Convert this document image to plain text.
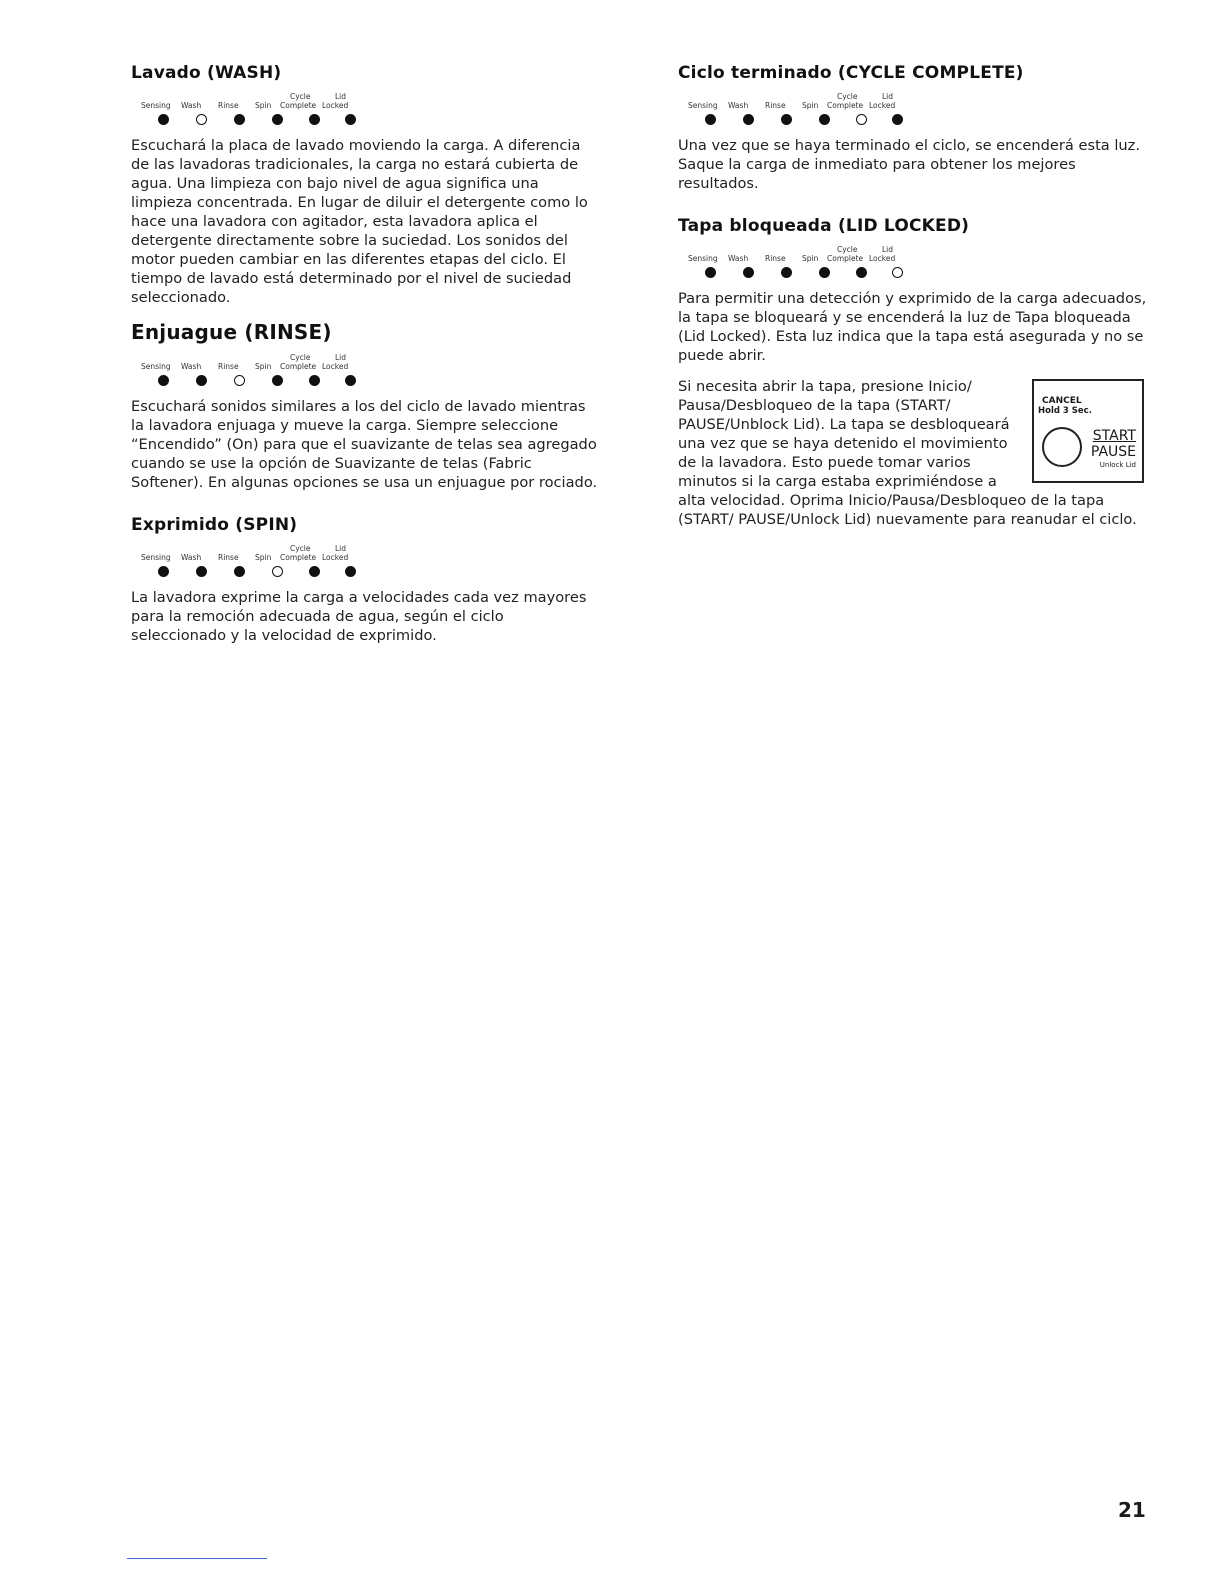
Lavado (WASH)
Cycle	Lid
Sensing Wash Rinse Spin Complete Locked

Escuchará la placa de lavado moviendo la carga. A diferencia de las lavadoras tradicionales, la carga no estará cubierta de agua. Una limpieza con bajo nivel de agua significa una limpieza concentrada. En lugar de diluir el detergente como lo hace una lavadora con agitador, esta lavadora aplica el detergente directamente sobre la suciedad. Los sonidos del motor pueden cambiar en las diferentes etapas del ciclo. El tiempo de lavado está determinado por el nivel de suciedad seleccionado.

Enjuague (RINSE)
Cycle	Lid
Sensing Wash Rinse Spin Complete Locked

Escuchará sonidos similares a los del ciclo de lavado mientras la lavadora enjuaga y mueve la carga. Siempre seleccione “Encendido” (On) para que el suavizante de telas sea agregado cuando se use la opción de Suavizante de telas (Fabric Softener). En algunas opciones se usa un enjuague por rociado.

Exprimido (SPIN)
Cycle	Lid
Sensing Wash Rinse Spin Complete Locked

La lavadora exprime la carga a velocidades cada vez mayores para la remoción adecuada de agua, según el ciclo seleccionado y la velocidad de exprimido.

Ciclo terminado (CYCLE COMPLETE)
Cycle	Lid
Sensing Wash Rinse Spin Complete Locked

Una vez que se haya terminado el ciclo, se encenderá esta luz. Saque la carga de inmediato para obtener los mejores resultados.

Tapa bloqueada (LID LOCKED)
Cycle	Lid
Sensing Wash Rinse Spin Complete Locked

Para permitir una detección y exprimido de la carga adecuados, la tapa se bloqueará y se encenderá la luz de Tapa bloqueada (Lid Locked). Esta luz indica que la tapa está asegurada y no se puede abrir.

CANCEL
Hold 3 Sec.
START
PAUSE
Unlock Lid

Si necesita abrir la tapa, presione Inicio/ Pausa/Desbloqueo de la tapa (START/ PAUSE/Unblock Lid). La tapa se desbloqueará una vez que se haya detenido el movimiento de la lavadora. Esto puede tomar varios minutos si la carga estaba exprimiéndose a alta velocidad. Oprima Inicio/Pausa/Desbloqueo de la tapa (START/ PAUSE/Unlock Lid) nuevamente para reanudar el ciclo.

21
